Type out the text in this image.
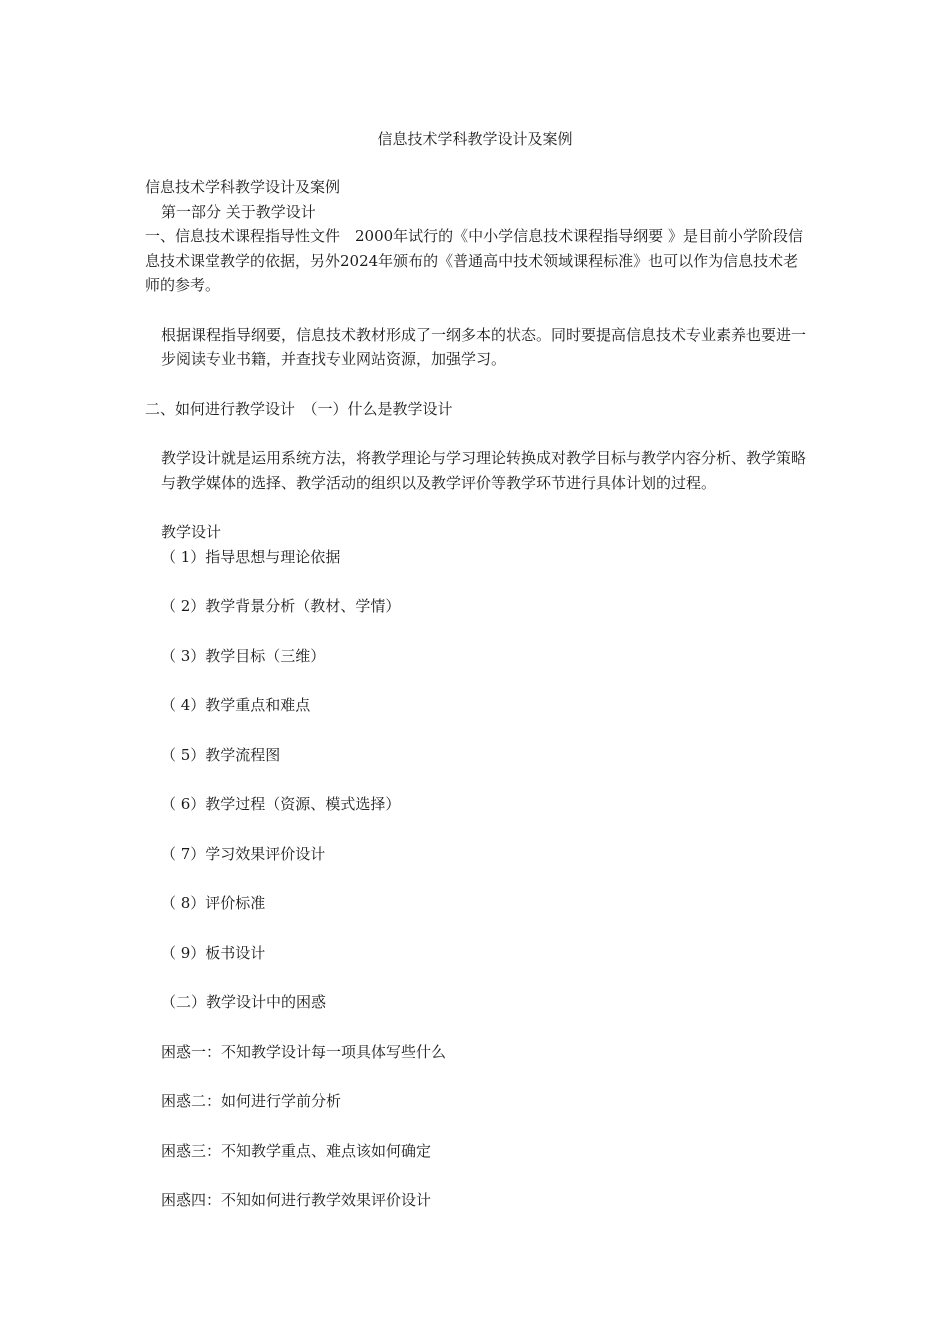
信息技术学科教学设计及案例

信息技术学科教学设计及案例

第一部分 关于教学设计

一、信息技术课程指导性文件　2000年试行的《中小学信息技术课程指导纲要 》是目前小学阶段信息技术课堂教学的依据，另外2024年颁布的《普通高中技术领域课程标准》也可以作为信息技术老师的参考。

根据课程指导纲要，信息技术教材形成了一纲多本的状态。同时要提高信息技术专业素养也要进一步阅读专业书籍，并查找专业网站资源，加强学习。

二、如何进行教学设计　（一）什么是教学设计

教学设计就是运用系统方法，将教学理论与学习理论转换成对教学目标与教学内容分析、教学策略与教学媒体的选择、教学活动的组织以及教学评价等教学环节进行具体计划的过程。

教学设计

（ 1）指导思想与理论依据

（ 2）教学背景分析（教材、学情）

（ 3）教学目标（三维）

（ 4）教学重点和难点

（ 5）教学流程图

（ 6）教学过程（资源、模式选择）

（ 7）学习效果评价设计

（ 8）评价标准

（ 9）板书设计

（二）教学设计中的困惑

困惑一：不知教学设计每一项具体写些什么

困惑二：如何进行学前分析

困惑三：不知教学重点、难点该如何确定

困惑四：不知如何进行教学效果评价设计
